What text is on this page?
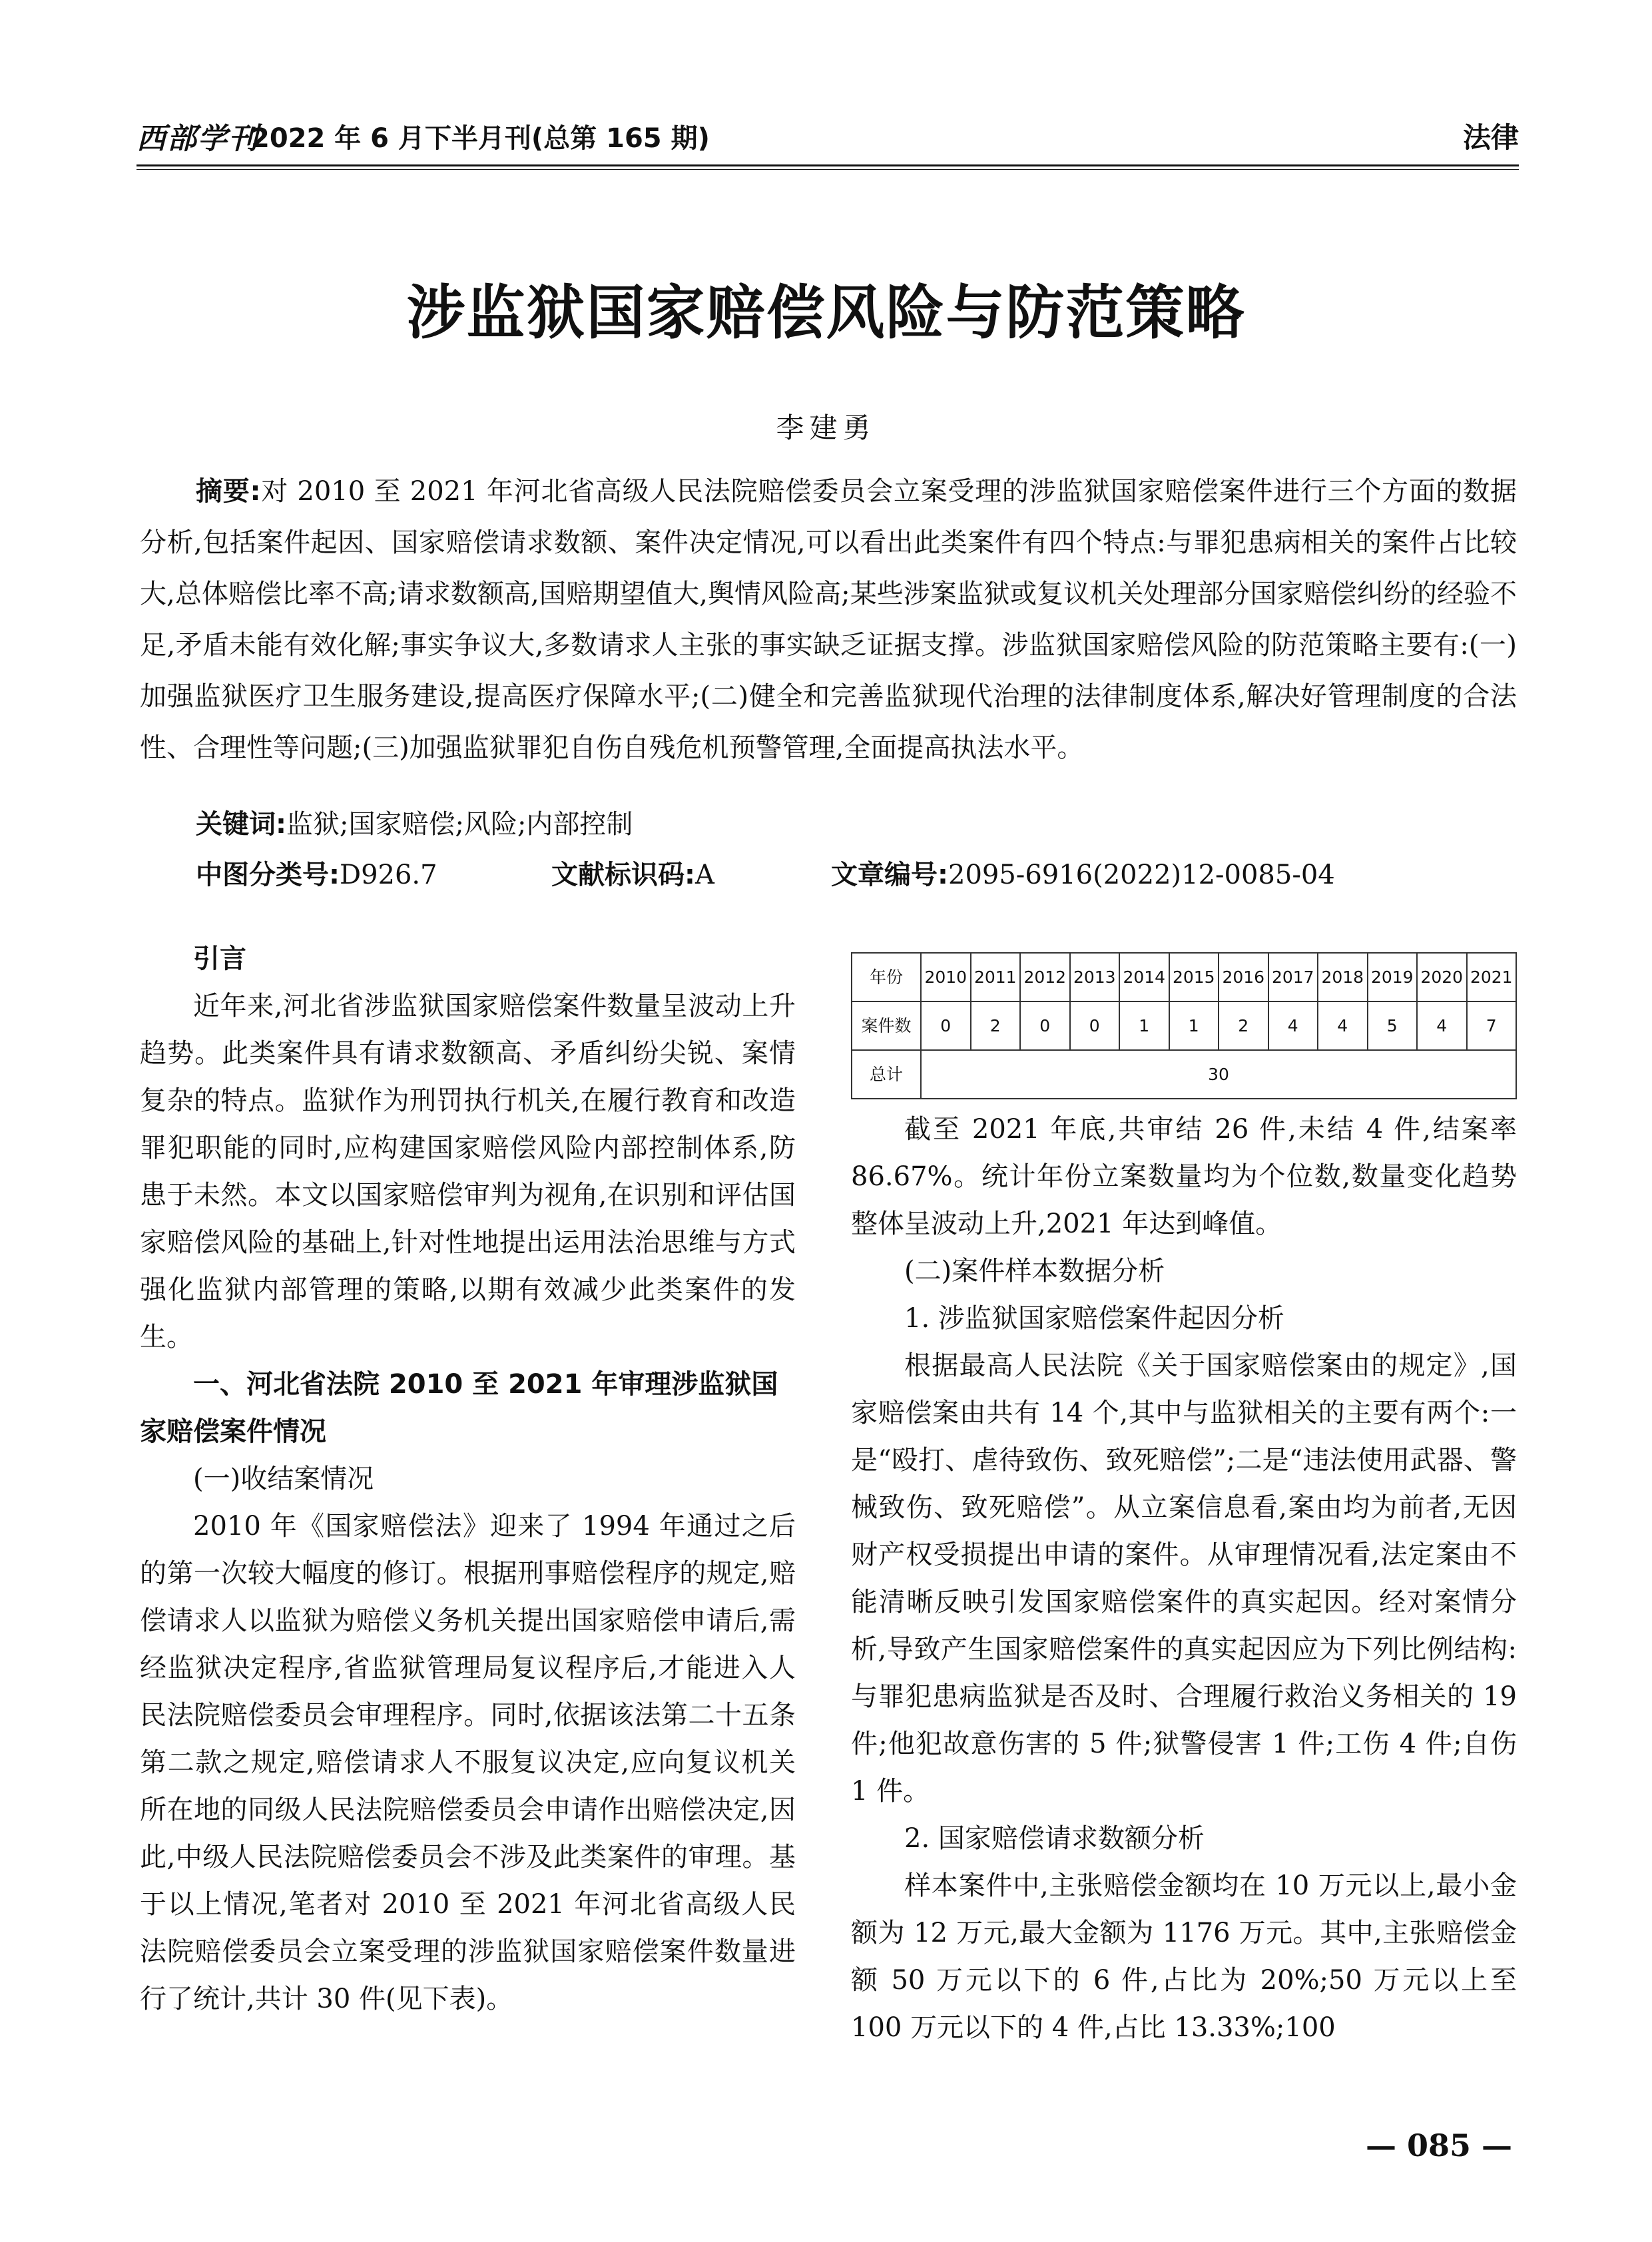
西部学刊
2022 年 6 月下半月刊(总第 165 期)	法律
涉监狱国家赔偿风险与防范策略
李建勇

摘要:对 2010 至 2021 年河北省高级人民法院赔偿委员会立案受理的涉监狱国家赔偿案件进行三个方面的数据分析,包括案件起因、国家赔偿请求数额、案件决定情况,可以看出此类案件有四个特点:与罪犯患病相关的案件占比较大,总体赔偿比率不高;请求数额高,国赔期望值大,舆情风险高;某些涉案监狱或复议机关处理部分国家赔偿纠纷的经验不足,矛盾未能有效化解;事实争议大,多数请求人主张的事实缺乏证据支撑。涉监狱国家赔偿风险的防范策略主要有:(一)加强监狱医疗卫生服务建设,提高医疗保障水平;(二)健全和完善监狱现代治理的法律制度体系,解决好管理制度的合法性、合理性等问题;(三)加强监狱罪犯自伤自残危机预警管理,全面提高执法水平。

关键词:监狱;国家赔偿;风险;内部控制
中图分类号:D926.7	文献标识码:A	文章编号:2095-6916(2022)12-0085-04
引言

近年来,河北省涉监狱国家赔偿案件数量呈波动上升趋势。此类案件具有请求数额高、矛盾纠纷尖锐、案情复杂的特点。监狱作为刑罚执行机关,在履行教育和改造罪犯职能的同时,应构建国家赔偿风险内部控制体系,防患于未然。本文以国家赔偿审判为视角,在识别和评估国家赔偿风险的基础上,针对性地提出运用法治思维与方式强化监狱内部管理的策略,以期有效减少此类案件的发生。

一、河北省法院 2010 至 2021 年审理涉监狱国家赔偿案件情况

(一)收结案情况

2010 年《国家赔偿法》迎来了 1994 年通过之后的第一次较大幅度的修订。根据刑事赔偿程序的规定,赔偿请求人以监狱为赔偿义务机关提出国家赔偿申请后,需经监狱决定程序,省监狱管理局复议程序后,才能进入人民法院赔偿委员会审理程序。同时,依据该法第二十五条第二款之规定,赔偿请求人不服复议决定,应向复议机关所在地的同级人民法院赔偿委员会申请作出赔偿决定,因此,中级人民法院赔偿委员会不涉及此类案件的审理。基于以上情况,笔者对 2010 至 2021 年河北省高级人民法院赔偿委员会立案受理的涉监狱国家赔偿案件数量进行了统计,共计 30 件(见下表)。

年份	2010	2011	2012	2013	2014	2015	2016	2017	2018	2019	2020	2021
案件数	0	2	0	0	1	1	2	4	4	5	4	7
总计	30											

截至 2021 年底,共审结 26 件,未结 4 件,结案率 86.67%。统计年份立案数量均为个位数,数量变化趋势整体呈波动上升,2021 年达到峰值。

(二)案件样本数据分析

1. 涉监狱国家赔偿案件起因分析

根据最高人民法院《关于国家赔偿案由的规定》,国家赔偿案由共有 14 个,其中与监狱相关的主要有两个:一是“殴打、虐待致伤、致死赔偿”;二是“违法使用武器、警械致伤、致死赔偿”。从立案信息看,案由均为前者,无因财产权受损提出申请的案件。从审理情况看,法定案由不能清晰反映引发国家赔偿案件的真实起因。经对案情分析,导致产生国家赔偿案件的真实起因应为下列比例结构:与罪犯患病监狱是否及时、合理履行救治义务相关的 19 件;他犯故意伤害的 5 件;狱警侵害 1 件;工伤 4 件;自伤 1 件。

2. 国家赔偿请求数额分析

样本案件中,主张赔偿金额均在 10 万元以上,最小金额为 12 万元,最大金额为 1176 万元。其中,主张赔偿金额 50 万元以下的 6 件,占比为 20%;50 万元以上至 100 万元以下的 4 件,占比 13.33%;100

— 085 —
